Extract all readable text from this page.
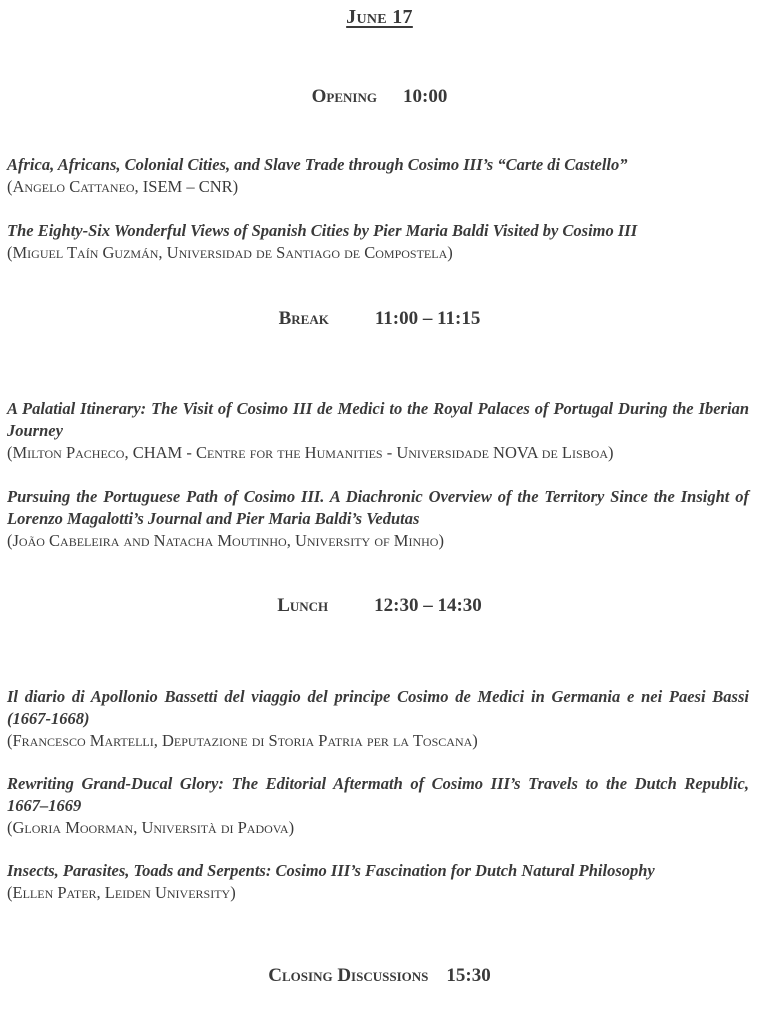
June 17
Opening 10:00
Africa, Africans, Colonial Cities, and Slave Trade through Cosimo III’s “Carte di Castello”
(Angelo Cattaneo, ISEM – CNR)
The Eighty-Six Wonderful Views of Spanish Cities by Pier Maria Baldi Visited by Cosimo III
(Miguel Taín Guzmán, Universidad de Santiago de Compostela)
Break 11:00 – 11:15
A Palatial Itinerary: The Visit of Cosimo III de Medici to the Royal Palaces of Portugal During the Iberian Journey
(Milton Pacheco, CHAM - Centre for the Humanities - Universidade NOVA de Lisboa)
Pursuing the Portuguese Path of Cosimo III. A Diachronic Overview of the Territory Since the Insight of Lorenzo Magalotti’s Journal and Pier Maria Baldi’s Vedutas
(João Cabeleira and Natacha Moutinho, University of Minho)
Lunch 12:30 – 14:30
Il diario di Apollonio Bassetti del viaggio del principe Cosimo de Medici in Germania e nei Paesi Bassi (1667-1668)
(Francesco Martelli, Deputazione di Storia Patria per la Toscana)
Rewriting Grand-Ducal Glory: The Editorial Aftermath of Cosimo III’s Travels to the Dutch Republic, 1667–1669
(Gloria Moorman, Università di Padova)
Insects, Parasites, Toads and Serpents: Cosimo III’s Fascination for Dutch Natural Philosophy
(Ellen Pater, Leiden University)
Closing Discussions 15:30
